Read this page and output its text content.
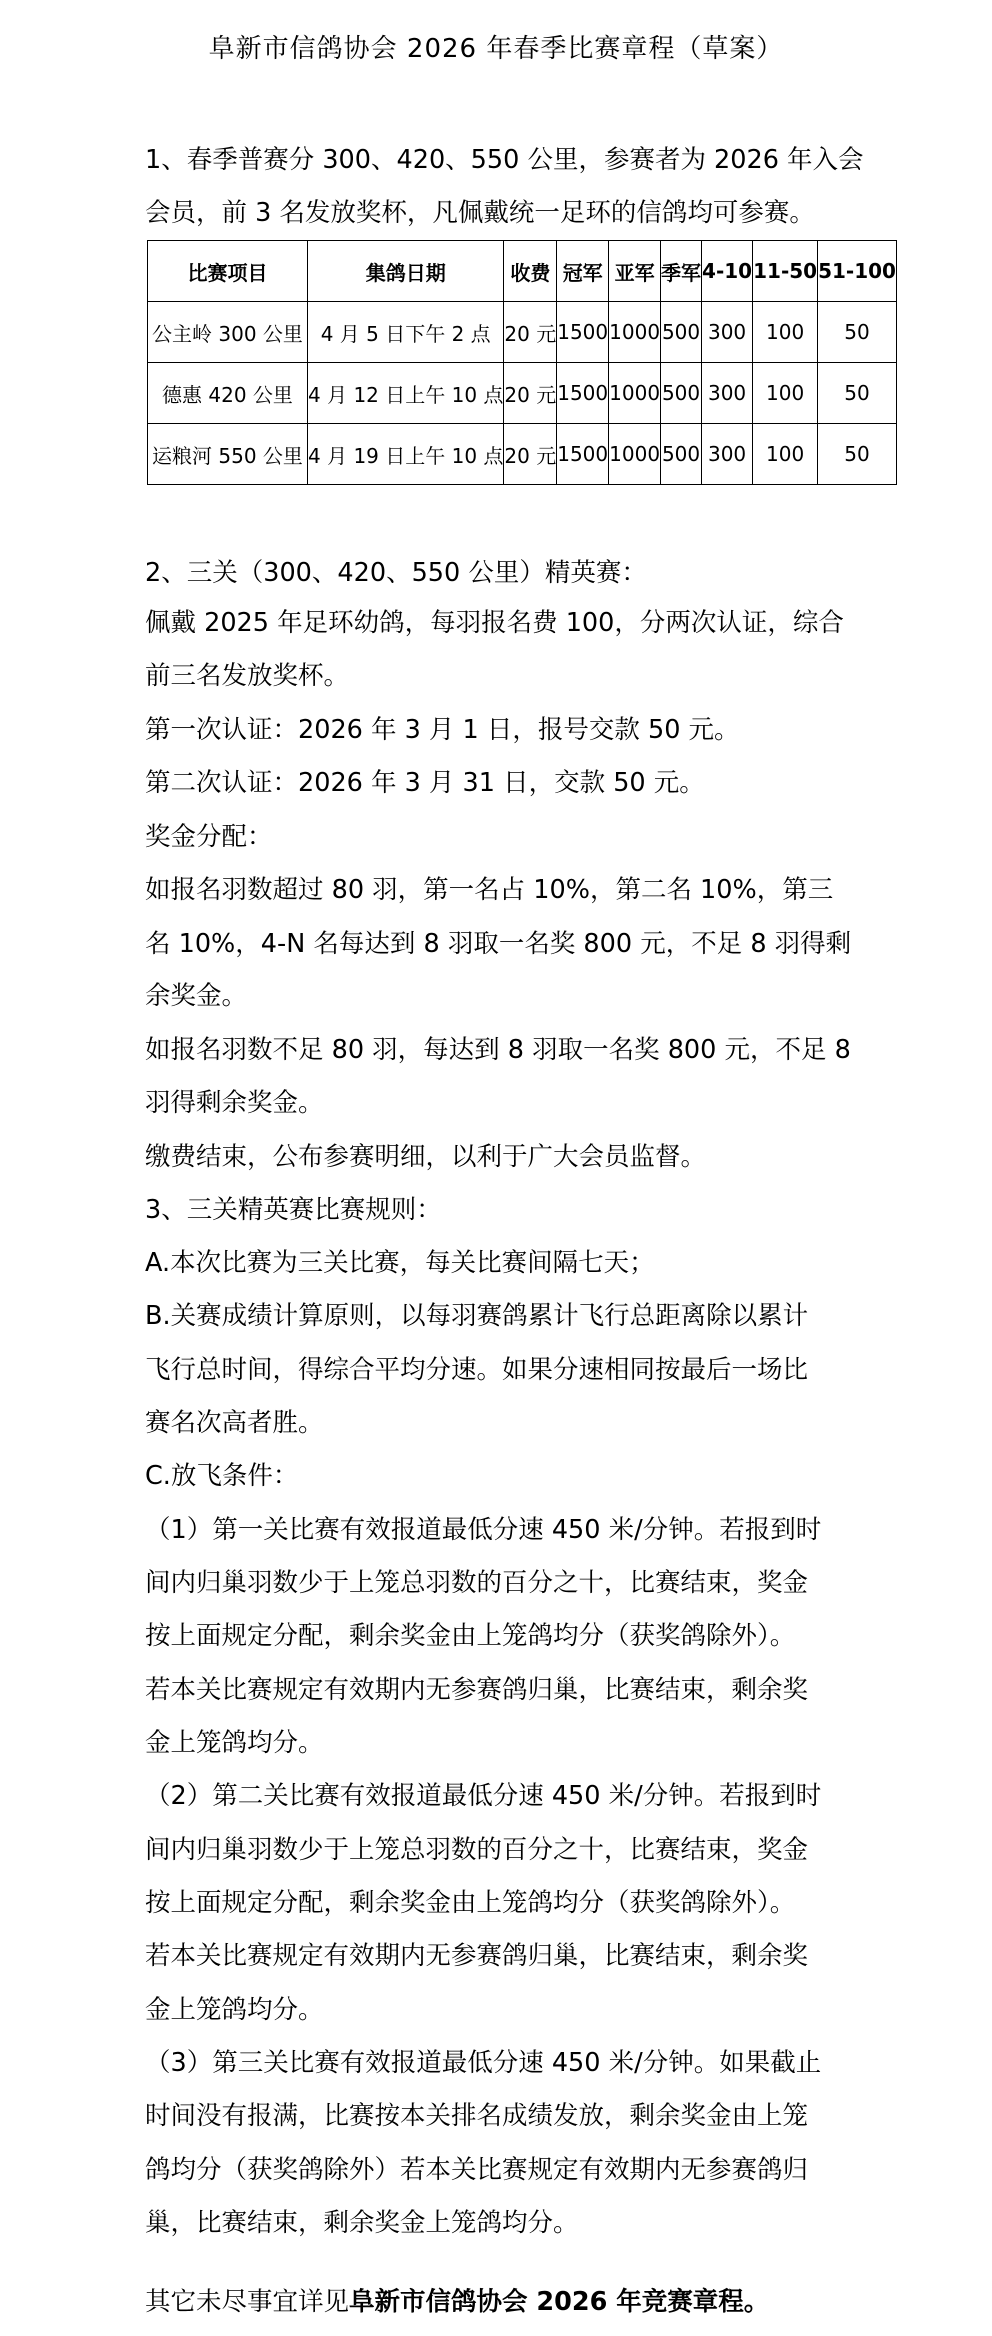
阜新市信鸽协会 2026 年春季比赛章程（草案）
1、春季普赛分 300、420、550 公里，参赛者为 2026 年入会
会员，前 3 名发放奖杯，凡佩戴统一足环的信鸽均可参赛。
比赛项目	集鸽日期	收费	冠军	亚军	季军	4-10	11-50	51-100
公主岭 300 公里	4 月 5 日下午 2 点	20 元	1500	1000	500	300	100	50
德惠 420 公里	4 月 12 日上午 10 点	20 元	1500	1000	500	300	100	50
运粮河 550 公里	4 月 19 日上午 10 点	20 元	1500	1000	500	300	100	50
2、三关（300、420、550 公里）精英赛：
佩戴 2025 年足环幼鸽，每羽报名费 100，分两次认证，综合
前三名发放奖杯。
第一次认证：2026 年 3 月 1 日，报号交款 50 元。
第二次认证：2026 年 3 月 31 日，交款 50 元。
奖金分配：
如报名羽数超过 80 羽，第一名占 10%，第二名 10%，第三
名 10%，4-N 名每达到 8 羽取一名奖 800 元，不足 8 羽得剩
余奖金。
如报名羽数不足 80 羽，每达到 8 羽取一名奖 800 元，不足 8
羽得剩余奖金。
缴费结束，公布参赛明细，以利于广大会员监督。
3、三关精英赛比赛规则：
A.本次比赛为三关比赛，每关比赛间隔七天；
B.关赛成绩计算原则，以每羽赛鸽累计飞行总距离除以累计
飞行总时间，得综合平均分速。如果分速相同按最后一场比
赛名次高者胜。
C.放飞条件：
（1）第一关比赛有效报道最低分速 450 米/分钟。若报到时
间内归巢羽数少于上笼总羽数的百分之十，比赛结束，奖金
按上面规定分配，剩余奖金由上笼鸽均分（获奖鸽除外）。
若本关比赛规定有效期内无参赛鸽归巢，比赛结束，剩余奖
金上笼鸽均分。
（2）第二关比赛有效报道最低分速 450 米/分钟。若报到时
间内归巢羽数少于上笼总羽数的百分之十，比赛结束，奖金
按上面规定分配，剩余奖金由上笼鸽均分（获奖鸽除外）。
若本关比赛规定有效期内无参赛鸽归巢，比赛结束，剩余奖
金上笼鸽均分。
（3）第三关比赛有效报道最低分速 450 米/分钟。如果截止
时间没有报满，比赛按本关排名成绩发放，剩余奖金由上笼
鸽均分（获奖鸽除外）若本关比赛规定有效期内无参赛鸽归
巢，比赛结束，剩余奖金上笼鸽均分。
其它未尽事宜详见阜新市信鸽协会 2026 年竞赛章程。
